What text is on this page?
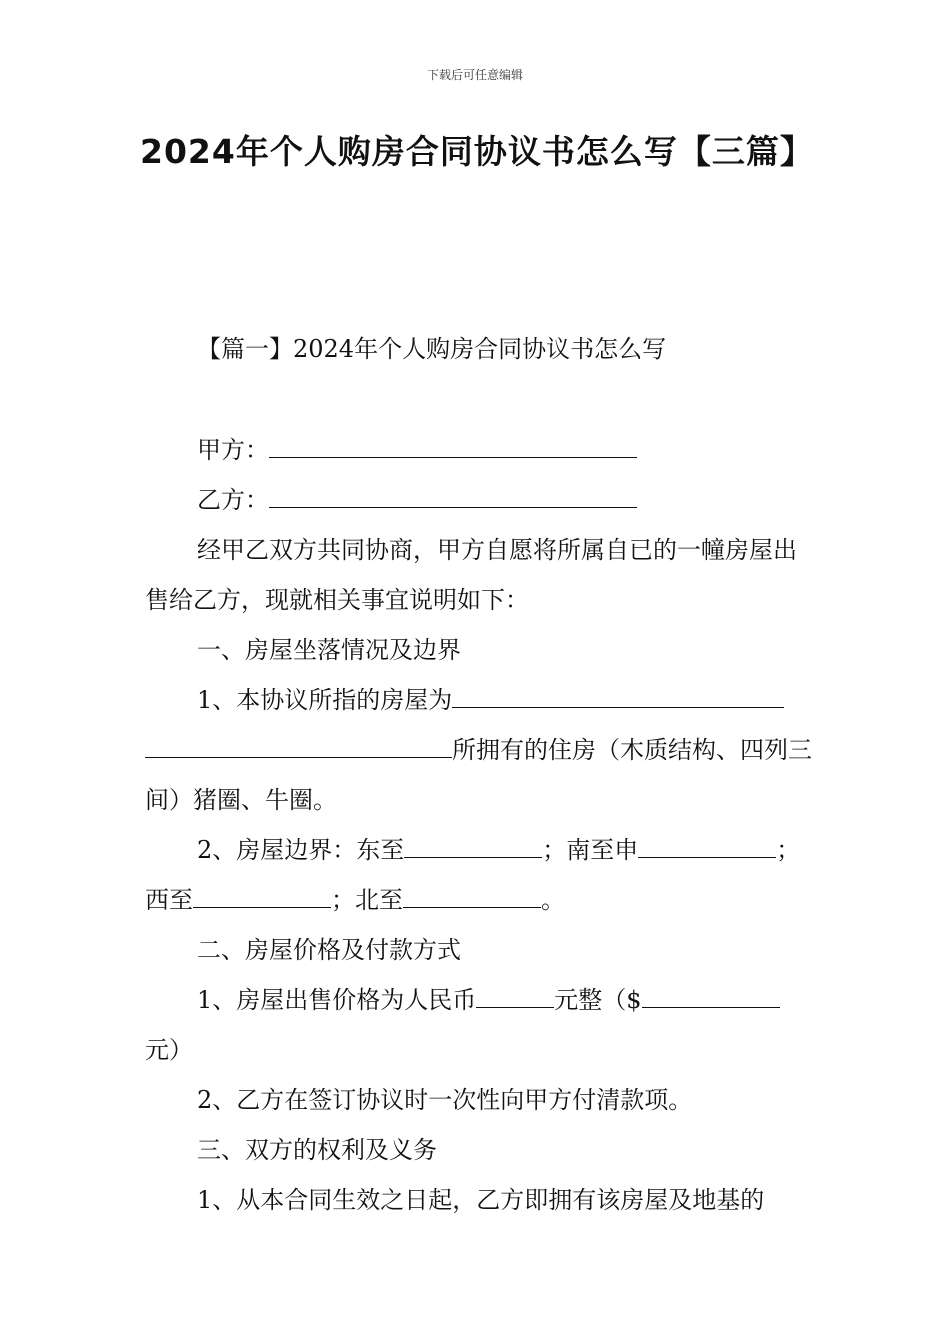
下载后可任意编辑
2024年个人购房合同协议书怎么写【三篇】
【篇一】2024年个人购房合同协议书怎么写

甲方：

乙方：

经甲乙双方共同协商，甲方自愿将所属自已的一幢房屋出售给乙方，现就相关事宜说明如下：

一、房屋坐落情况及边界

1、本协议所指的房屋为所拥有的住房（木质结构、四列三间）猪圈、牛圈。

2、房屋边界：东至	；南至申	；西至	；北至	。

二、房屋价格及付款方式

1、房屋出售价格为人民币	元整（$元）

2、乙方在签订协议时一次性向甲方付清款项。

三、双方的权利及义务

1、从本合同生效之日起，乙方即拥有该房屋及地基的
